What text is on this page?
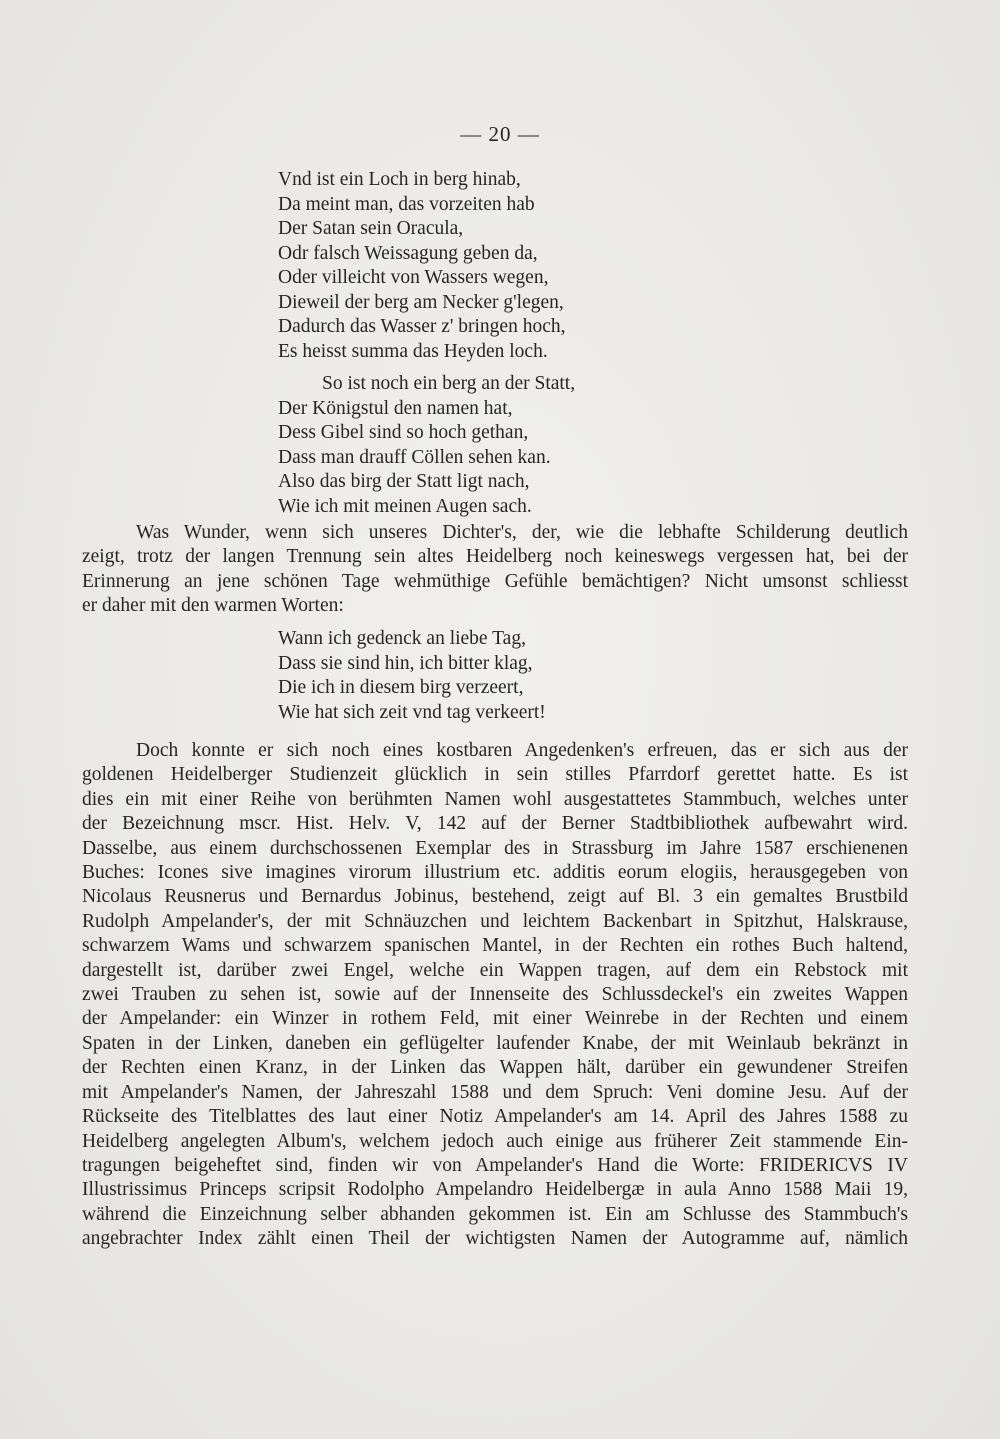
— 20 —
Vnd ist ein Loch in berg hinab,
Da meint man, das vorzeiten hab
Der Satan sein Oracula,
Odr falsch Weissagung geben da,
Oder villeicht von Wassers wegen,
Dieweil der berg am Necker g'legen,
Dadurch das Wasser z' bringen hoch,
Es heisst summa das Heyden loch.
So ist noch ein berg an der Statt,
Der Königstul den namen hat,
Dess Gibel sind so hoch gethan,
Dass man drauff Cöllen sehen kan.
Also das birg der Statt ligt nach,
Wie ich mit meinen Augen sach.
Was Wunder, wenn sich unseres Dichter's, der, wie die lebhafte Schilderung deutlich
zeigt, trotz der langen Trennung sein altes Heidelberg noch keineswegs vergessen hat, bei der
Erinnerung an jene schönen Tage wehmüthige Gefühle bemächtigen? Nicht umsonst schliesst
er daher mit den warmen Worten:
Wann ich gedenck an liebe Tag,
Dass sie sind hin, ich bitter klag,
Die ich in diesem birg verzeert,
Wie hat sich zeit vnd tag verkeert!
Doch konnte er sich noch eines kostbaren Angedenken's erfreuen, das er sich aus der
goldenen Heidelberger Studienzeit glücklich in sein stilles Pfarrdorf gerettet hatte. Es ist
dies ein mit einer Reihe von berühmten Namen wohl ausgestattetes Stammbuch, welches unter
der Bezeichnung mscr. Hist. Helv. V, 142 auf der Berner Stadtbibliothek aufbewahrt wird.
Dasselbe, aus einem durchschossenen Exemplar des in Strassburg im Jahre 1587 erschienenen
Buches: Icones sive imagines virorum illustrium etc. additis eorum elogiis, herausgegeben von
Nicolaus Reusnerus und Bernardus Jobinus, bestehend, zeigt auf Bl. 3 ein gemaltes Brustbild
Rudolph Ampelander's, der mit Schnäuzchen und leichtem Backenbart in Spitzhut, Halskrause,
schwarzem Wams und schwarzem spanischen Mantel, in der Rechten ein rothes Buch haltend,
dargestellt ist, darüber zwei Engel, welche ein Wappen tragen, auf dem ein Rebstock mit
zwei Trauben zu sehen ist, sowie auf der Innenseite des Schlussdeckel's ein zweites Wappen
der Ampelander: ein Winzer in rothem Feld, mit einer Weinrebe in der Rechten und einem
Spaten in der Linken, daneben ein geflügelter laufender Knabe, der mit Weinlaub bekränzt in
der Rechten einen Kranz, in der Linken das Wappen hält, darüber ein gewundener Streifen
mit Ampelander's Namen, der Jahreszahl 1588 und dem Spruch: Veni domine Jesu. Auf der
Rückseite des Titelblattes des laut einer Notiz Ampelander's am 14. April des Jahres 1588 zu
Heidelberg angelegten Album's, welchem jedoch auch einige aus früherer Zeit stammende Ein-
tragungen beigeheftet sind, finden wir von Ampelander's Hand die Worte: FRIDERICVS IV
Illustrissimus Princeps scripsit Rodolpho Ampelandro Heidelbergæ in aula Anno 1588 Maii 19,
während die Einzeichnung selber abhanden gekommen ist. Ein am Schlusse des Stammbuch's
angebrachter Index zählt einen Theil der wichtigsten Namen der Autogramme auf, nämlich
